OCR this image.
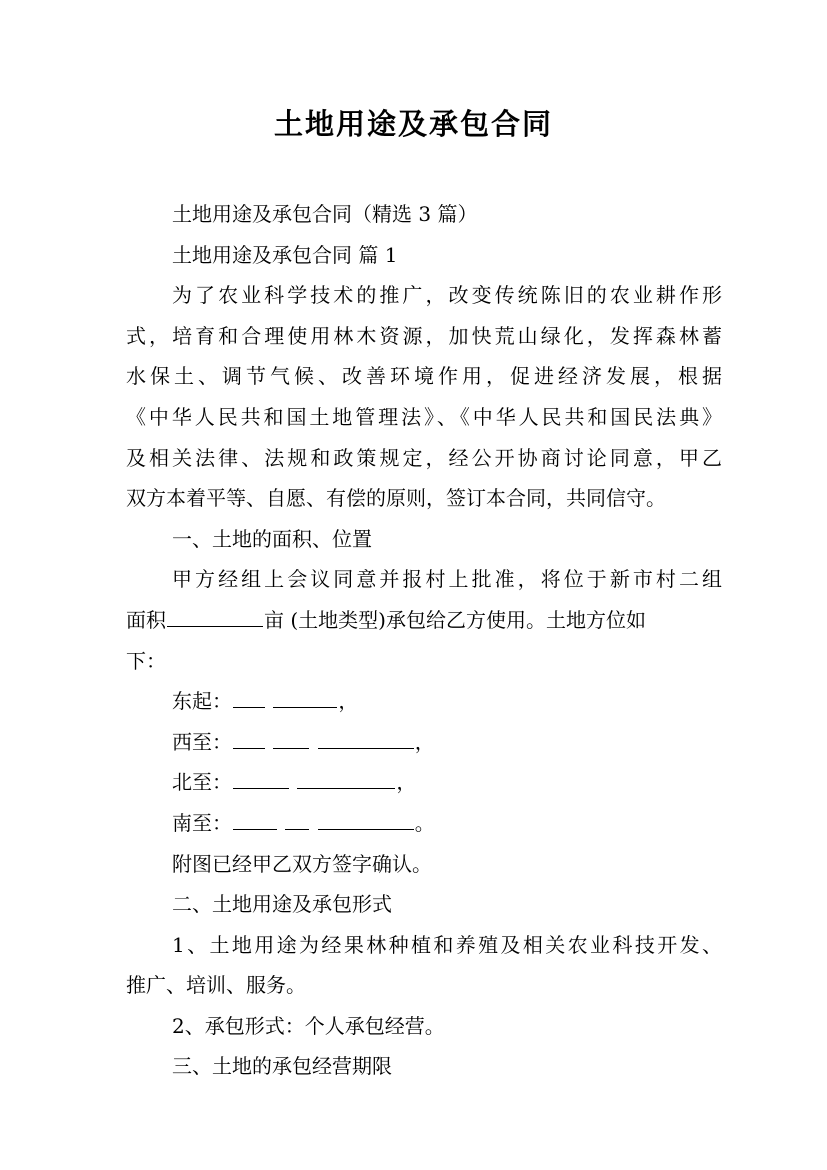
土地用途及承包合同
土地用途及承包合同（精选 3 篇）
土地用途及承包合同 篇 1
为了农业科学技术的推广，改变传统陈旧的农业耕作形
式，培育和合理使用林木资源，加快荒山绿化，发挥森林蓄
水保土、调节气候、改善环境作用，促进经济发展，根据
《中华人民共和国土地管理法》、《中华人民共和国民法典》
及相关法律、法规和政策规定，经公开协商讨论同意，甲乙
双方本着平等、自愿、有偿的原则，签订本合同，共同信守。
一、土地的面积、位置
甲方经组上会议同意并报村上批准，将位于新市村二组
面积	亩 (土地类型)承包给乙方使用。土地方位如
下：
东起：	，
西至：	，
北至：	，
南至：	。
附图已经甲乙双方签字确认。
二、土地用途及承包形式
1、土地用途为经果林种植和养殖及相关农业科技开发、
推广、培训、服务。
2、承包形式：个人承包经营。
三、土地的承包经营期限
